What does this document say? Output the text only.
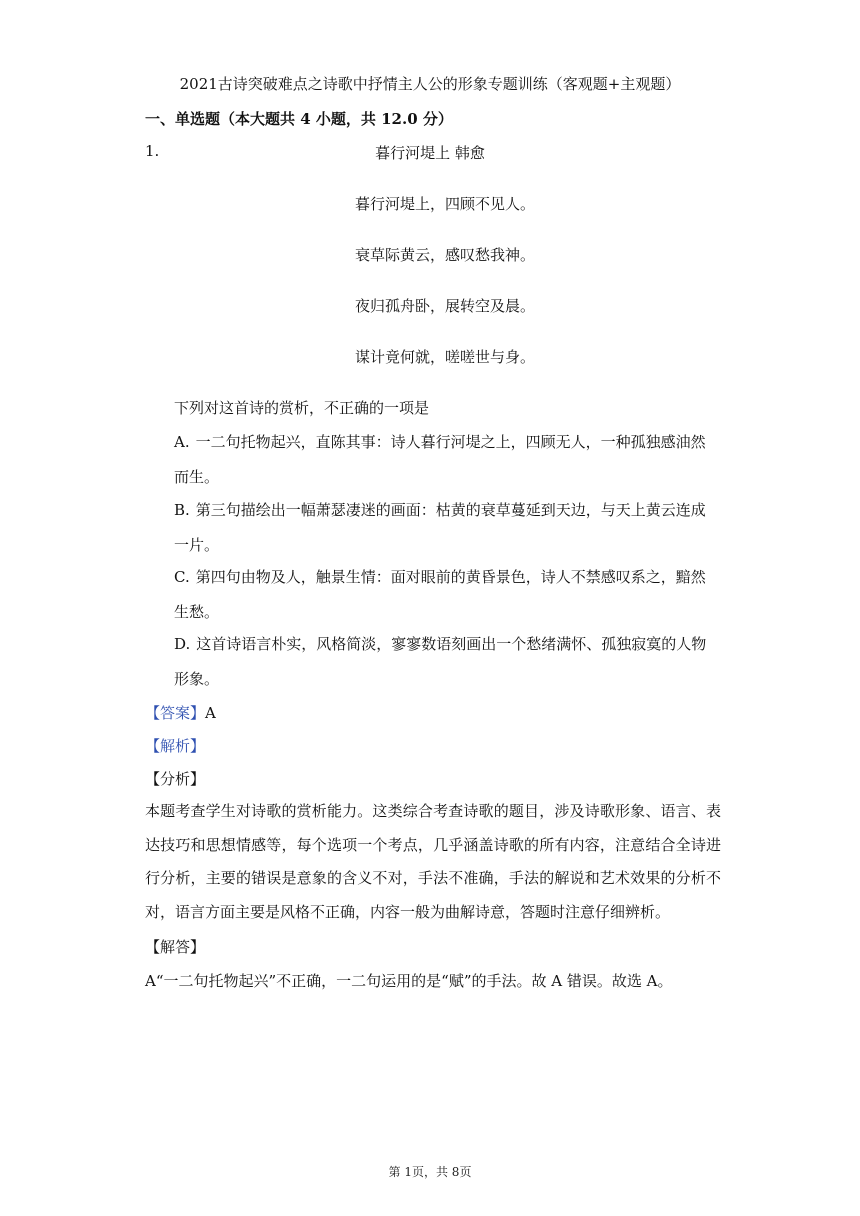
2021古诗突破难点之诗歌中抒情主人公的形象专题训练（客观题+主观题）
一、单选题（本大题共 4 小题，共 12.0 分）
1.	暮行河堤上 韩愈
暮行河堤上，四顾不见人。
衰草际黄云，感叹愁我神。
夜归孤舟卧，展转空及晨。
谋计竟何就，嗟嗟世与身。
下列对这首诗的赏析，不正确的一项是
A. 一二句托物起兴，直陈其事：诗人暮行河堤之上，四顾无人，一种孤独感油然而生。
B. 第三句描绘出一幅萧瑟凄迷的画面：枯黄的衰草蔓延到天边，与天上黄云连成一片。
C. 第四句由物及人，触景生情：面对眼前的黄昏景色，诗人不禁感叹系之，黯然生愁。
D. 这首诗语言朴实，风格简淡，寥寥数语刻画出一个愁绪满怀、孤独寂寞的人物形象。
【答案】A
【解析】
【分析】
本题考查学生对诗歌的赏析能力。这类综合考查诗歌的题目，涉及诗歌形象、语言、表达技巧和思想情感等，每个选项一个考点，几乎涵盖诗歌的所有内容，注意结合全诗进行分析，主要的错误是意象的含义不对，手法不准确，手法的解说和艺术效果的分析不对，语言方面主要是风格不正确，内容一般为曲解诗意，答题时注意仔细辨析。
【解答】
A“一二句托物起兴”不正确，一二句运用的是“赋”的手法。故 A 错误。故选 A。
第 1页，共 8页
